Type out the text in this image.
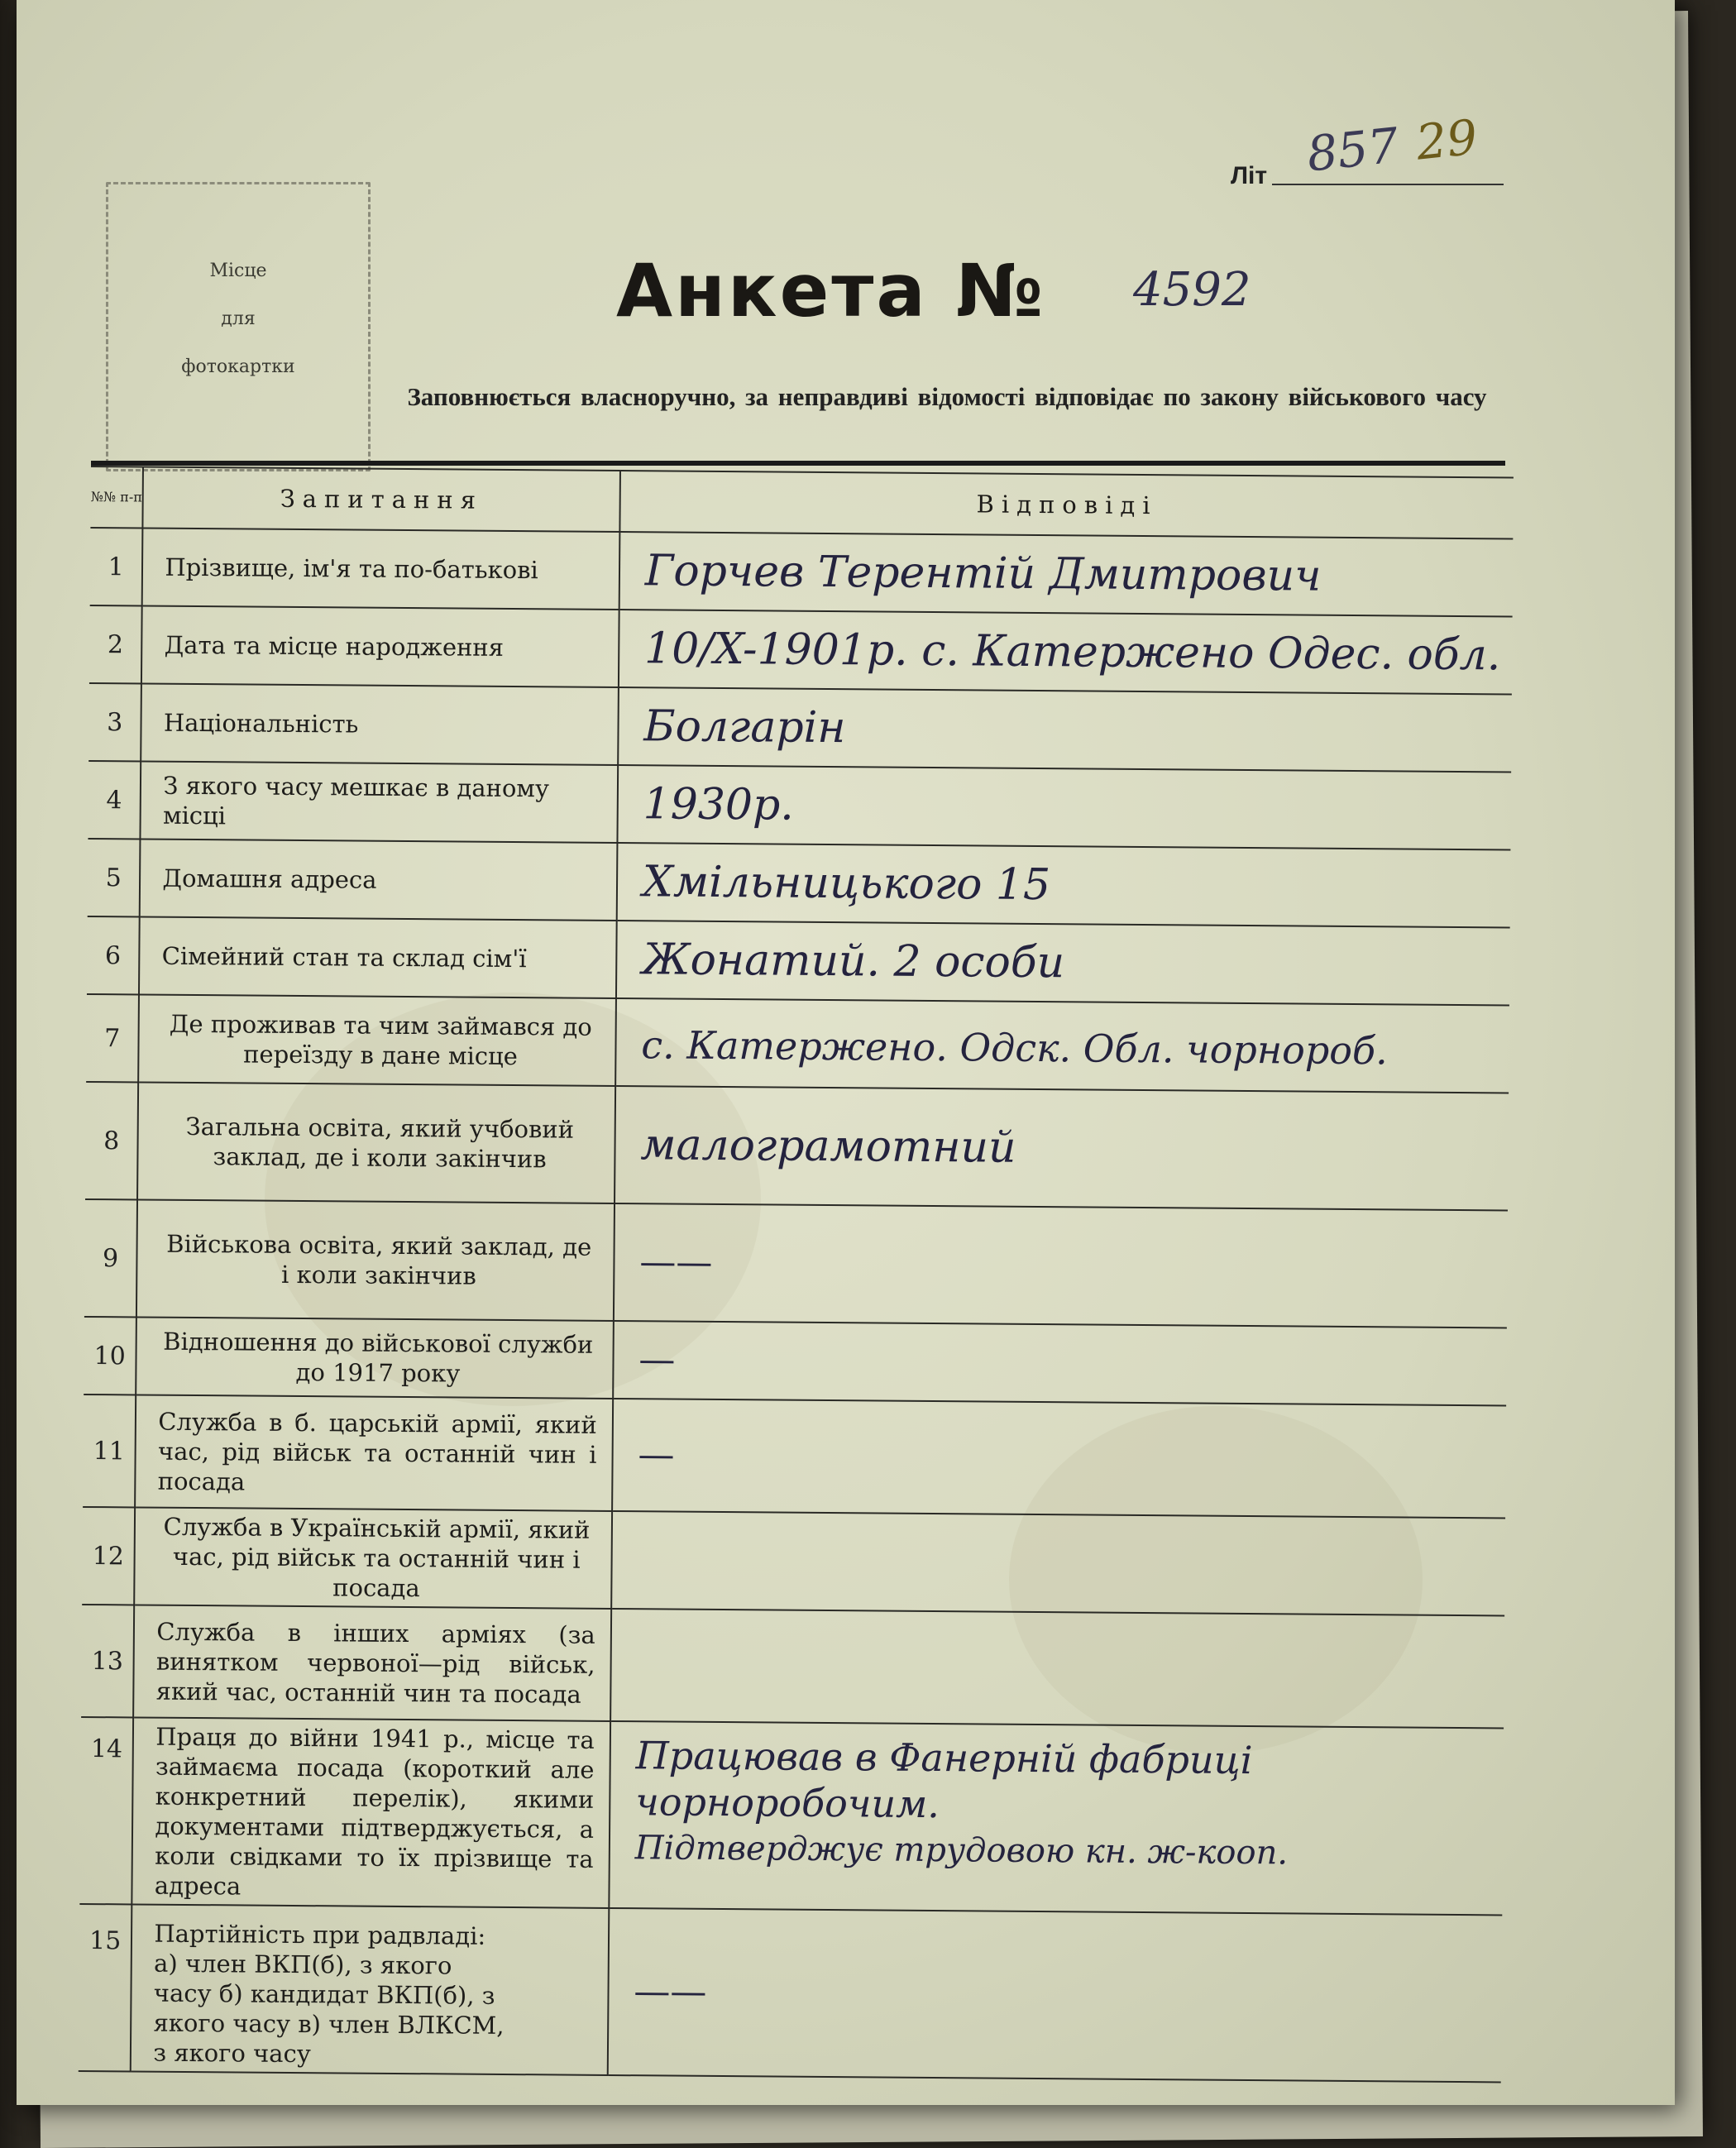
Літ 857 29
Місце
для
фотокартки
Анкета № 4592
Заповнюється власноручно, за неправдиві відомості відповідає по закону військового часу
№№ п-п	Запитання	Відповіді
1	Прізвище, ім'я та по-батькові	Горчев Терентій Дмитрович

2	Дата та місце народження	10/X-1901р. с. Катержено Одес. обл.

3	Національність	Болгарін

4	З якого часу мешкає в даному місці	1930р.

5	Домашня адреса	Хмільницького 15

6	Сімейний стан та склад сім'ї	Жонатий. 2 особи

7	Де проживав та чим займався до переїзду в дане місце	с. Катержено. Одск. Обл. чорнороб.

8	Загальна освіта, який учбовий заклад, де і коли закінчив	малограмотний

9	Військова освіта, який заклад, де і коли закінчив	——

10	Відношення до військової служби до 1917 року	—

11	Служба в б. царській армії, який час, рід військ та останній чин і посада	—

12	Служба в Українській армії, який час, рід військ та останній чин і посада	

13	Служба в інших арміях (за винятком червоної—рід військ, який час, останній чин та посада	

14	Праця до війни 1941 р., місце та займаєма посада (короткий але конкретний перелік), якими документами підтверджується, а коли свідками то їх прізвище та адреса	Працював в Фанерній фабриці
чорноробочим.
Підтверджує трудовою кн. ж-кооп.

15	Партійність при радвладі: а) член ВКП(б), з якого часу б) кандидат ВКП(б), з якого часу в) член ВЛКСМ, з якого часу	——
